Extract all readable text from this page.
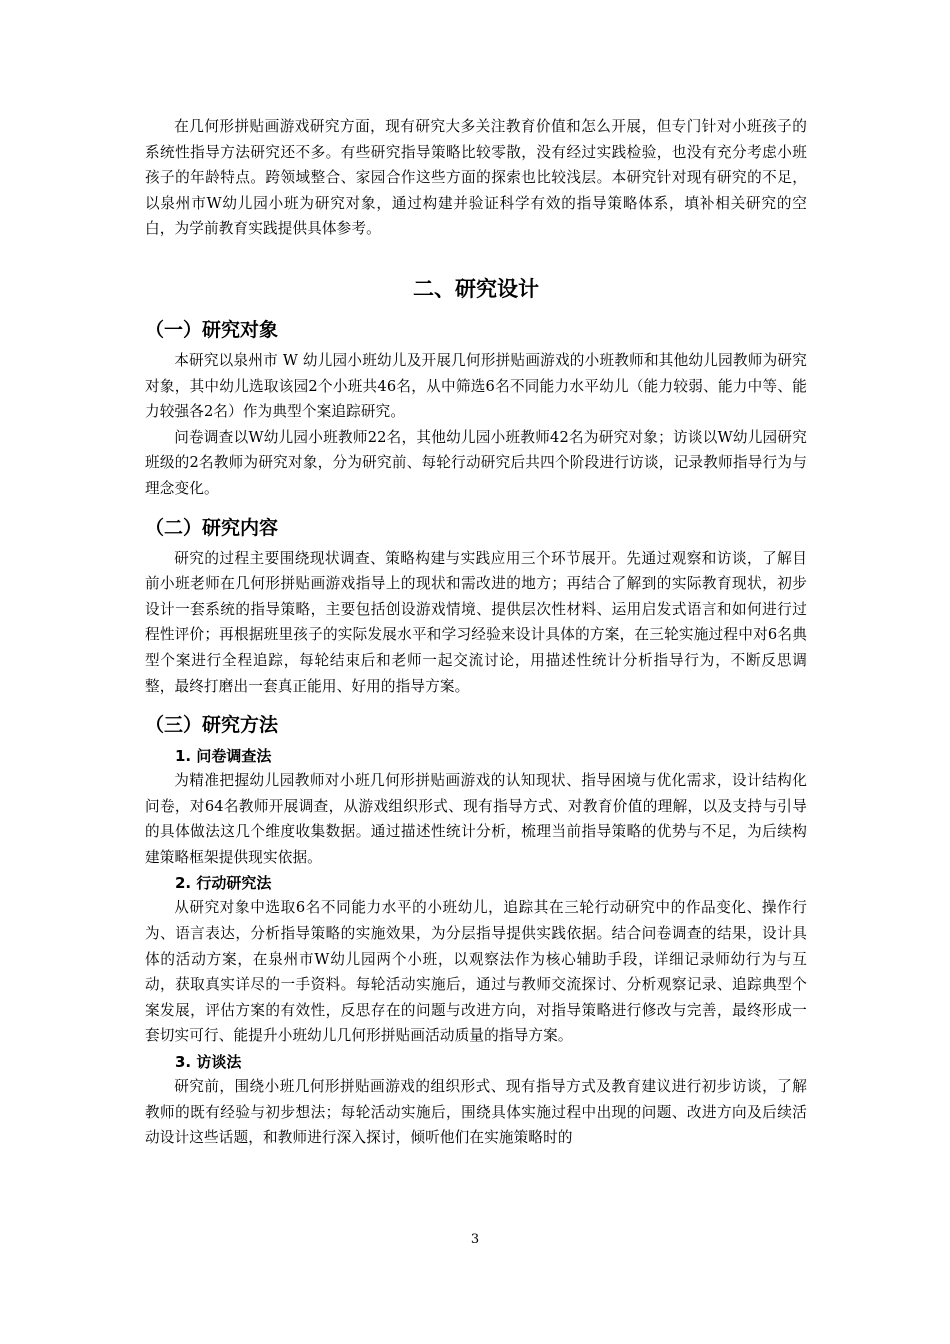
在几何形拼贴画游戏研究方面，现有研究大多关注教育价值和怎么开展，但专门针对小班孩子的系统性指导方法研究还不多。有些研究指导策略比较零散，没有经过实践检验，也没有充分考虑小班孩子的年龄特点。跨领域整合、家园合作这些方面的探索也比较浅层。本研究针对现有研究的不足，以泉州市W幼儿园小班为研究对象，通过构建并验证科学有效的指导策略体系，填补相关研究的空白，为学前教育实践提供具体参考。

二、研究设计
（一）研究对象

本研究以泉州市 W 幼儿园小班幼儿及开展几何形拼贴画游戏的小班教师和其他幼儿园教师为研究对象，其中幼儿选取该园2个小班共46名，从中筛选6名不同能力水平幼儿（能力较弱、能力中等、能力较强各2名）作为典型个案追踪研究。

问卷调查以W幼儿园小班教师22名，其他幼儿园小班教师42名为研究对象；访谈以W幼儿园研究班级的2名教师为研究对象，分为研究前、每轮行动研究后共四个阶段进行访谈，记录教师指导行为与理念变化。

（二）研究内容

研究的过程主要围绕现状调查、策略构建与实践应用三个环节展开。先通过观察和访谈，了解目前小班老师在几何形拼贴画游戏指导上的现状和需改进的地方；再结合了解到的实际教育现状，初步设计一套系统的指导策略，主要包括创设游戏情境、提供层次性材料、运用启发式语言和如何进行过程性评价；再根据班里孩子的实际发展水平和学习经验来设计具体的方案，在三轮实施过程中对6名典型个案进行全程追踪，每轮结束后和老师一起交流讨论，用描述性统计分析指导行为，不断反思调整，最终打磨出一套真正能用、好用的指导方案。

（三）研究方法
1. 问卷调查法

为精准把握幼儿园教师对小班几何形拼贴画游戏的认知现状、指导困境与优化需求，设计结构化问卷，对64名教师开展调查，从游戏组织形式、现有指导方式、对教育价值的理解，以及支持与引导的具体做法这几个维度收集数据。通过描述性统计分析，梳理当前指导策略的优势与不足，为后续构建策略框架提供现实依据。

2. 行动研究法

从研究对象中选取6名不同能力水平的小班幼儿，追踪其在三轮行动研究中的作品变化、操作行为、语言表达，分析指导策略的实施效果，为分层指导提供实践依据。结合问卷调查的结果，设计具体的活动方案，在泉州市W幼儿园两个小班，以观察法作为核心辅助手段，详细记录师幼行为与互动，获取真实详尽的一手资料。每轮活动实施后，通过与教师交流探讨、分析观察记录、追踪典型个案发展，评估方案的有效性，反思存在的问题与改进方向，对指导策略进行修改与完善，最终形成一套切实可行、能提升小班幼儿几何形拼贴画活动质量的指导方案。

3. 访谈法

研究前，围绕小班几何形拼贴画游戏的组织形式、现有指导方式及教育建议进行初步访谈，了解教师的既有经验与初步想法；每轮活动实施后，围绕具体实施过程中出现的问题、改进方向及后续活动设计这些话题，和教师进行深入探讨，倾听他们在实施策略时的

3
